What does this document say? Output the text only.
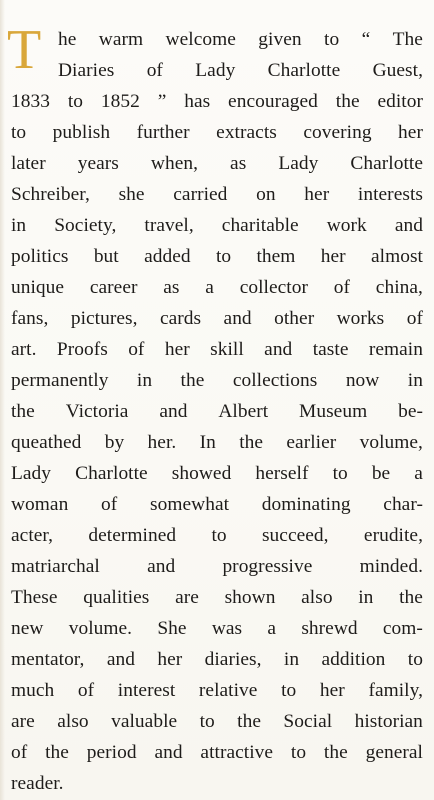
T he warm welcome given to “ The
Diaries of Lady Charlotte Guest,
1833 to 1852 ” has encouraged the editor
to publish further extracts covering her
later years when, as Lady Charlotte
Schreiber, she carried on her interests
in Society, travel, charitable work and
politics but added to them her almost
unique career as a collector of china,
fans, pictures, cards and other works of
art. Proofs of her skill and taste remain
permanently in the collections now in
the Victoria and Albert Museum be-
queathed by her. In the earlier volume,
Lady Charlotte showed herself to be a
woman of somewhat dominating char-
acter, determined to succeed, erudite,
matriarchal and progressive minded.
These qualities are shown also in the
new volume. She was a shrewd com-
mentator, and her diaries, in addition to
much of interest relative to her family,
are also valuable to the Social historian
of the period and attractive to the general
reader.
